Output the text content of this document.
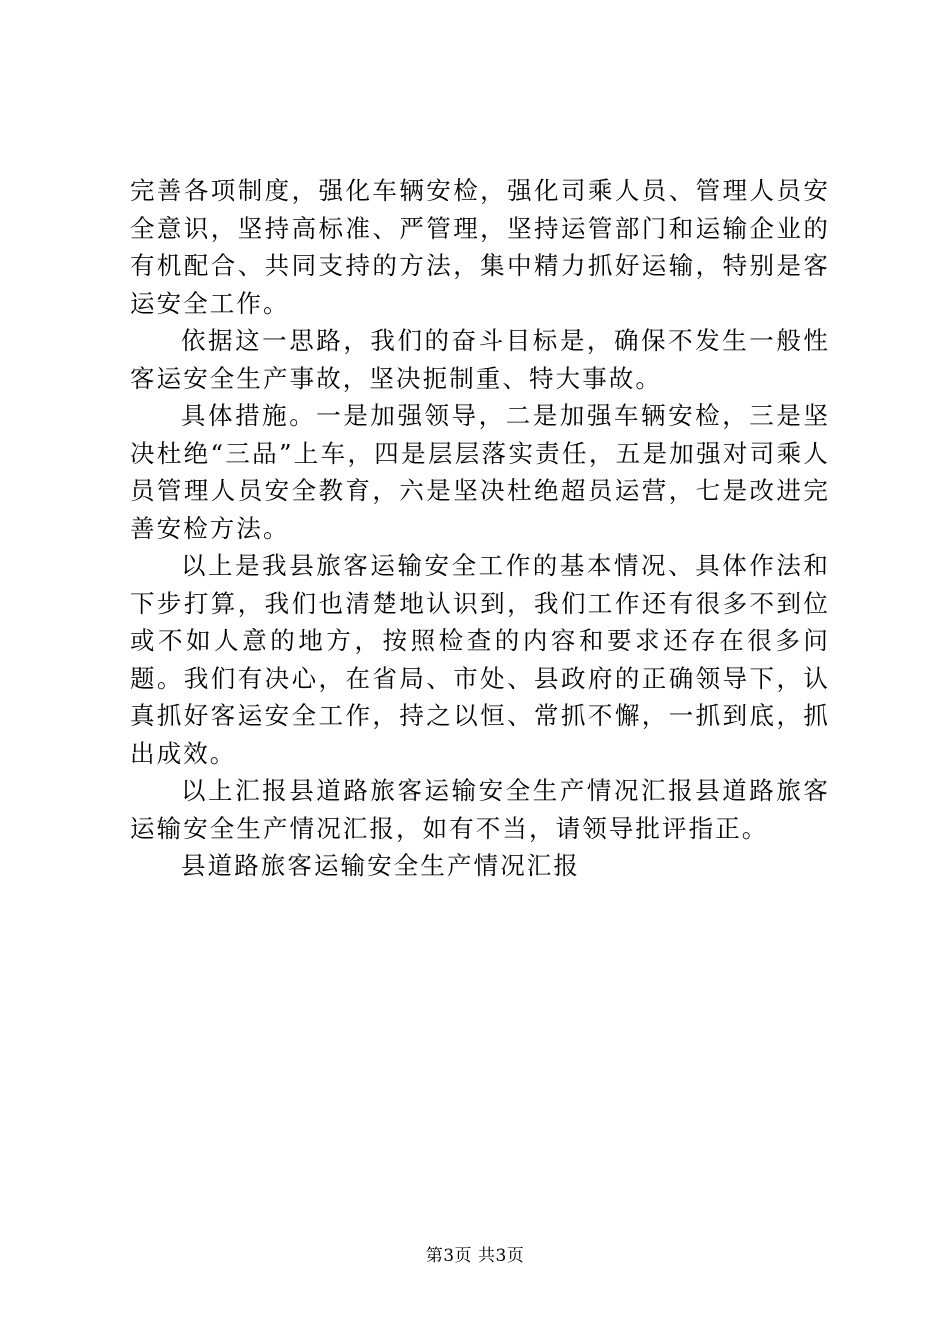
完善各项制度，强化车辆安检，强化司乘人员、管理人员安全意识，坚持高标准、严管理，坚持运管部门和运输企业的有机配合、共同支持的方法，集中精力抓好运输，特别是客运安全工作。

依据这一思路，我们的奋斗目标是，确保不发生一般性客运安全生产事故，坚决扼制重、特大事故。

具体措施。一是加强领导，二是加强车辆安检，三是坚决杜绝“三品”上车，四是层层落实责任，五是加强对司乘人员管理人员安全教育，六是坚决杜绝超员运营，七是改进完善安检方法。

以上是我县旅客运输安全工作的基本情况、具体作法和下步打算，我们也清楚地认识到，我们工作还有很多不到位或不如人意的地方，按照检查的内容和要求还存在很多问题。我们有决心，在省局、市处、县政府的正确领导下，认真抓好客运安全工作，持之以恒、常抓不懈，一抓到底，抓出成效。

以上汇报县道路旅客运输安全生产情况汇报县道路旅客运输安全生产情况汇报，如有不当，请领导批评指正。

县道路旅客运输安全生产情况汇报

第3页 共3页
